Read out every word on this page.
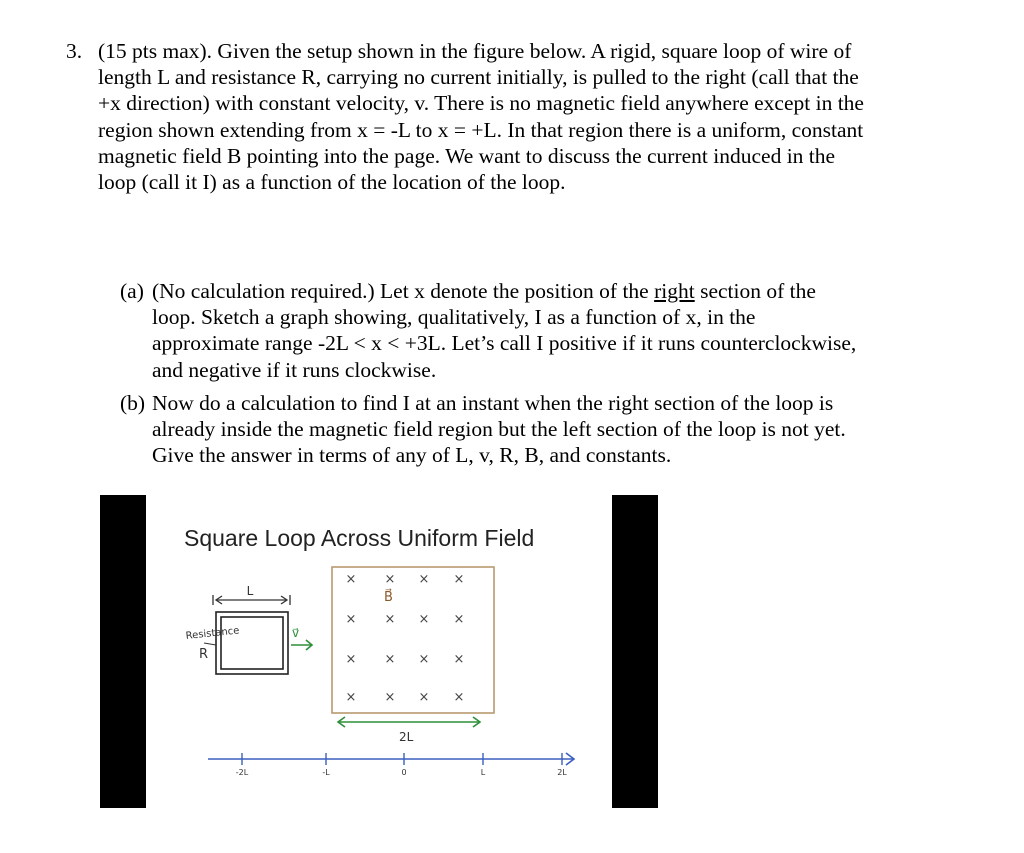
3. (15 pts max). Given the setup shown in the figure below. A rigid, square loop of wire of length L and resistance R, carrying no current initially, is pulled to the right (call that the +x direction) with constant velocity, v. There is no magnetic field anywhere except in the region shown extending from x = -L to x = +L. In that region there is a uniform, constant magnetic field B pointing into the page. We want to discuss the current induced in the loop (call it I) as a function of the location of the loop.
(a) (No calculation required.) Let x denote the position of the right section of the loop. Sketch a graph showing, qualitatively, I as a function of x, in the approximate range -2L < x < +3L. Let’s call I positive if it runs counterclockwise, and negative if it runs clockwise.
(b) Now do a calculation to find I at an instant when the right section of the loop is already inside the magnetic field region but the left section of the loop is not yet. Give the answer in terms of any of L, v, R, B, and constants.
Square Loop Across Uniform Field
L
Resistance
R
v⃗
B⃗
× × × ×
× × × ×
× × × ×
× × × ×
2L
-2L	-L	0	L	2L
